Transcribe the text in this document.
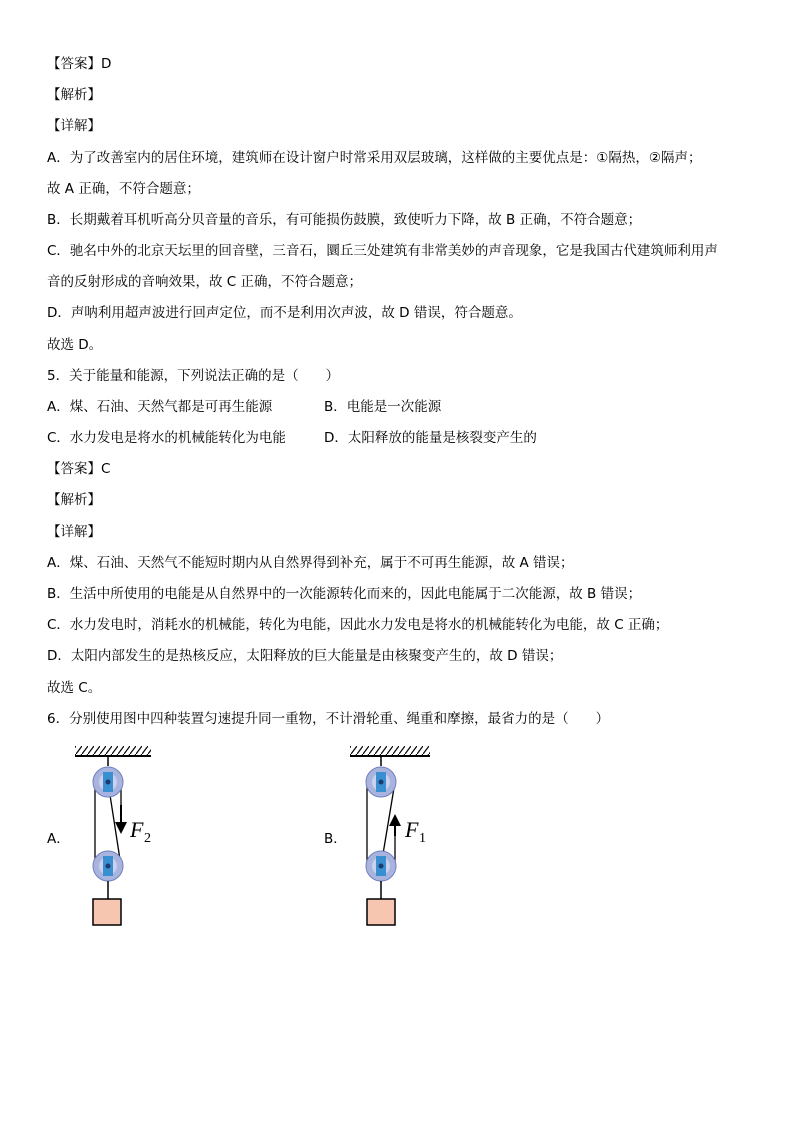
【答案】D
【解析】
【详解】
A．为了改善室内的居住环境，建筑师在设计窗户时常采用双层玻璃，这样做的主要优点是：①隔热，②隔声；
故 A 正确，不符合题意；
B．长期戴着耳机听高分贝音量的音乐，有可能损伤鼓膜，致使听力下降，故 B 正确，不符合题意；
C．驰名中外的北京天坛里的回音壁，三音石，圜丘三处建筑有非常美妙的声音现象，它是我国古代建筑师利用声
音的反射形成的音响效果，故 C 正确，不符合题意；
D．声呐利用超声波进行回声定位，而不是利用次声波，故 D 错误，符合题意。
故选 D。
5．关于能量和能源，下列说法正确的是（　　）
A．煤、石油、天然气都是可再生能源	B．电能是一次能源
C．水力发电是将水的机械能转化为电能	D．太阳释放的能量是核裂变产生的
【答案】C
【解析】
【详解】
A．煤、石油、天然气不能短时期内从自然界得到补充，属于不可再生能源，故 A 错误；
B．生活中所使用的电能是从自然界中的一次能源转化而来的，因此电能属于二次能源，故 B 错误；
C．水力发电时，消耗水的机械能，转化为电能，因此水力发电是将水的机械能转化为电能，故 C 正确；
D．太阳内部发生的是热核反应，太阳释放的巨大能量是由核聚变产生的，故 D 错误；
故选 C。
6．分别使用图中四种装置匀速提升同一重物，不计滑轮重、绳重和摩擦，最省力的是（　　）
A．	B．
F 2	F 1
